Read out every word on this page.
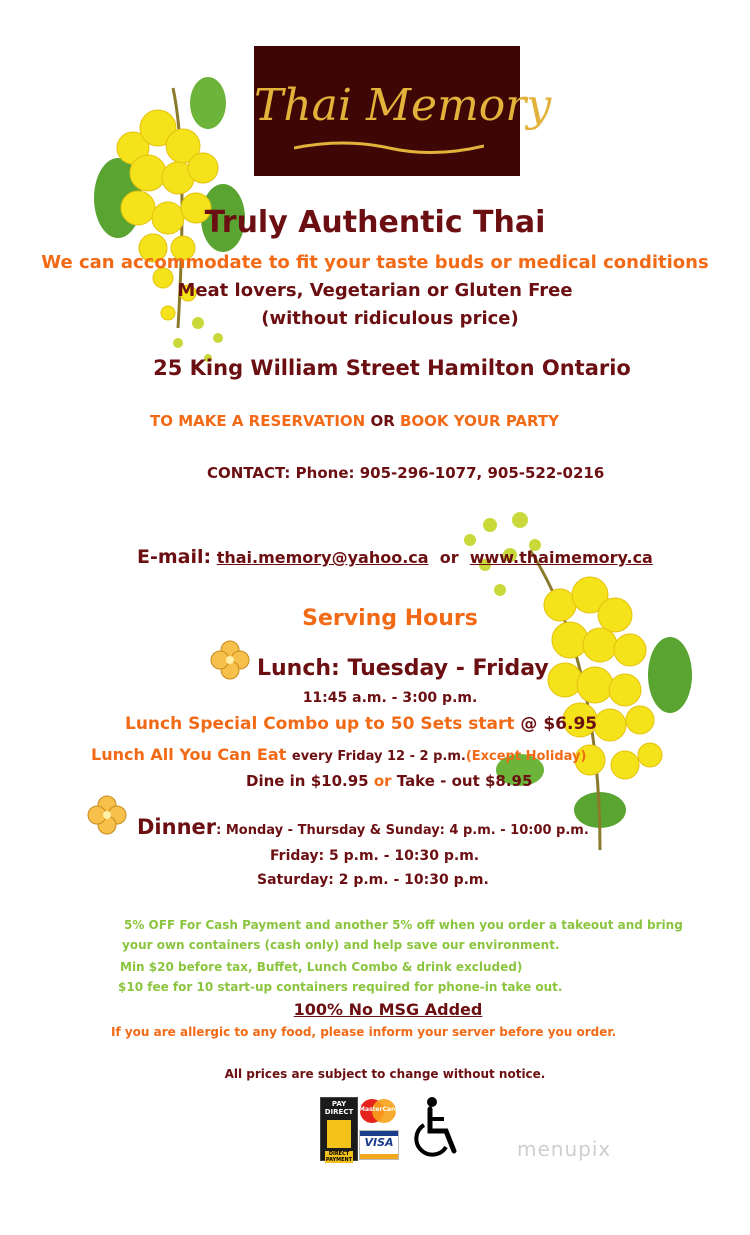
Thai Memory
Truly Authentic Thai
We can accommodate to fit your taste buds or medical conditions
Meat lovers, Vegetarian or Gluten Free
(without ridiculous price)
25 King William Street Hamilton Ontario
TO MAKE A RESERVATION OR BOOK YOUR PARTY
CONTACT: Phone: 905-296-1077, 905-522-0216
E-mail: thai.memory@yahoo.ca or www.thaimemory.ca
Serving Hours
Lunch: Tuesday - Friday
11:45 a.m. - 3:00 p.m.
Lunch Special Combo up to 50 Sets start @ $6.95
Lunch All You Can Eat every Friday 12 - 2 p.m.(Except Holiday)
Dine in $10.95 or Take - out $8.95
Dinner: Monday - Thursday & Sunday: 4 p.m. - 10:00 p.m.
Friday: 5 p.m. - 10:30 p.m.
Saturday: 2 p.m. - 10:30 p.m.
5% OFF For Cash Payment and another 5% off when you order a takeout and bring
your own containers (cash only) and help save our environment.
Min $20 before tax, Buffet, Lunch Combo & drink excluded)
$10 fee for 10 start-up containers required for phone-in take out.
100% No MSG Added
If you are allergic to any food, please inform your server before you order.
All prices are subject to change without notice.
PAY DIRECT
DIRECT PAYMENT
MasterCard
VISA	menupix
